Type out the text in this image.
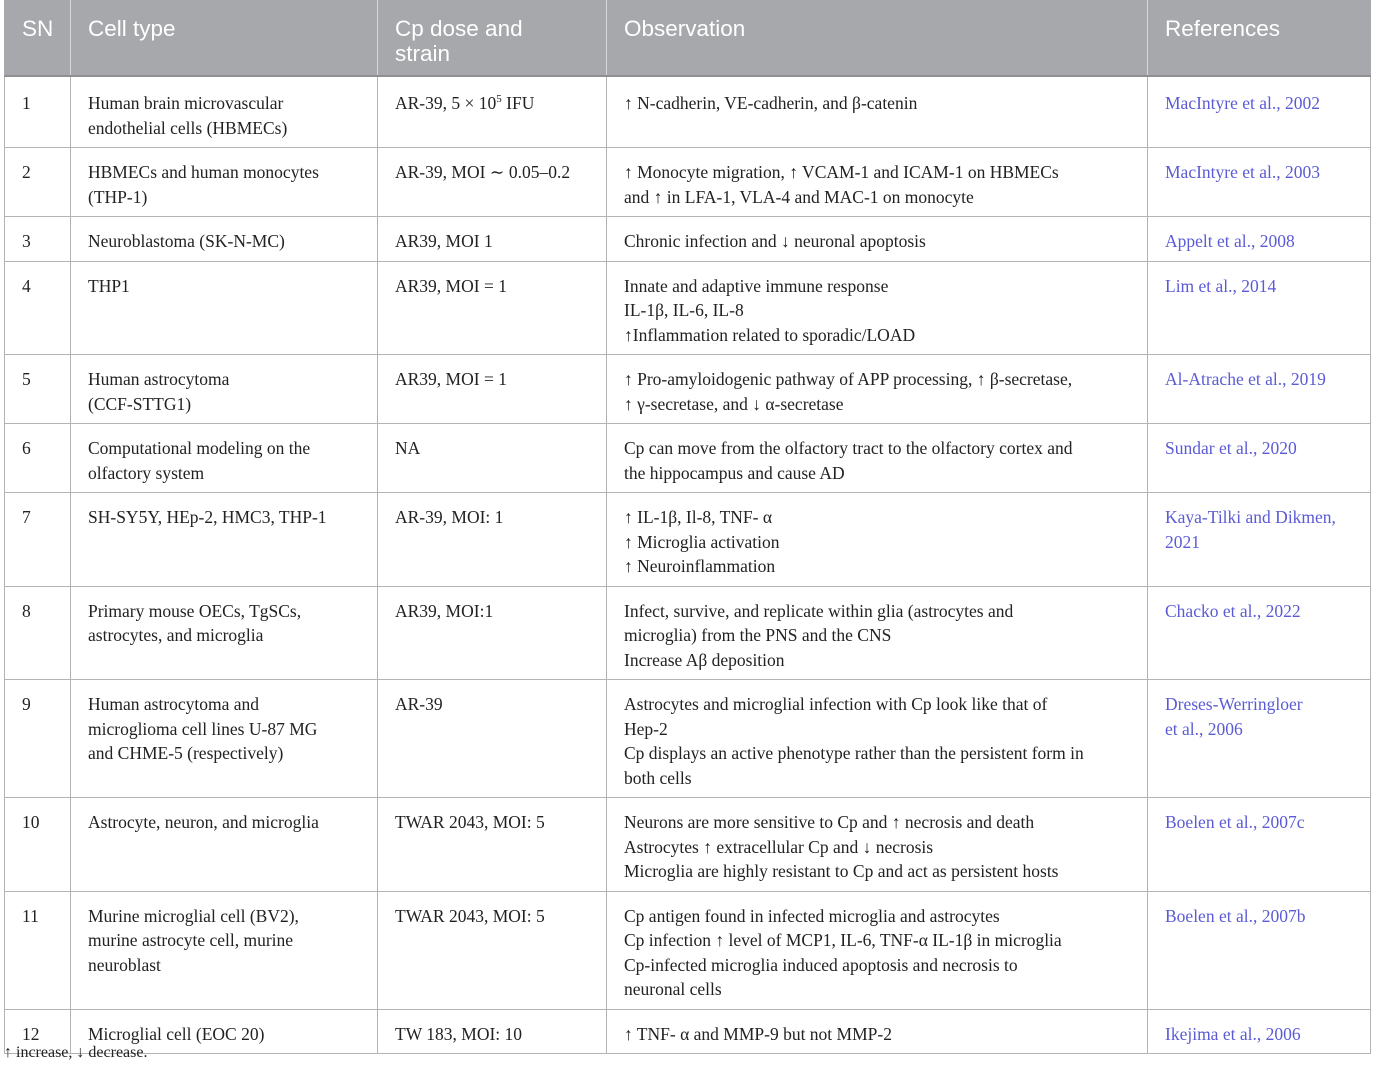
SN	Cell type	Cp dose and
strain	Observation	References
1	Human brain microvascular
endothelial cells (HBMECs)	AR-39, $5 \times 10^5$ IFU	↑ N-cadherin, VE-cadherin, and β-catenin	MacIntyre et al., 2002

2	HBMECs and human monocytes
(THP-1)	AR-39, MOI ∼ 0.05–0.2	↑ Monocyte migration, ↑ VCAM-1 and ICAM-1 on HBMECs
and ↑ in LFA-1, VLA-4 and MAC-1 on monocyte	MacIntyre et al., 2003

3	Neuroblastoma (SK-N-MC)	AR39, MOI 1	Chronic infection and ↓ neuronal apoptosis	Appelt et al., 2008

4	THP1	AR39, MOI = 1	Innate and adaptive immune response
IL-1β, IL-6, IL-8
↑Inflammation related to sporadic/LOAD	Lim et al., 2014

5	Human astrocytoma
(CCF-STTG1)	AR39, MOI = 1	↑ Pro-amyloidogenic pathway of APP processing, ↑ β-secretase,
↑ γ-secretase, and ↓ α-secretase	Al-Atrache et al., 2019

6	Computational modeling on the
olfactory system	NA	Cp can move from the olfactory tract to the olfactory cortex and
the hippocampus and cause AD	Sundar et al., 2020

7	SH-SY5Y, HEp-2, HMC3, THP-1	AR-39, MOI: 1	↑ IL-1β, Il-8, TNF- α
↑ Microglia activation
↑ Neuroinflammation	Kaya-Tilki and Dikmen,
2021

8	Primary mouse OECs, TgSCs,
astrocytes, and microglia	AR39, MOI:1	Infect, survive, and replicate within glia (astrocytes and
microglia) from the PNS and the CNS
Increase Aβ deposition	Chacko et al., 2022

9	Human astrocytoma and
microglioma cell lines U-87 MG
and CHME-5 (respectively)	AR-39	Astrocytes and microglial infection with Cp look like that of
Hep-2
Cp displays an active phenotype rather than the persistent form in
both cells	Dreses-Werringloer
et al., 2006

10	Astrocyte, neuron, and microglia	TWAR 2043, MOI: 5	Neurons are more sensitive to Cp and ↑ necrosis and death
Astrocytes ↑ extracellular Cp and ↓ necrosis
Microglia are highly resistant to Cp and act as persistent hosts	Boelen et al., 2007c

11	Murine microglial cell (BV2),
murine astrocyte cell, murine
neuroblast	TWAR 2043, MOI: 5	Cp antigen found in infected microglia and astrocytes
Cp infection ↑ level of MCP1, IL-6, TNF-α IL-1β in microglia
Cp-infected microglia induced apoptosis and necrosis to
neuronal cells	Boelen et al., 2007b

12	Microglial cell (EOC 20)	TW 183, MOI: 10	↑ TNF- α and MMP-9 but not MMP-2	Ikejima et al., 2006
↑ increase, ↓ decrease.
